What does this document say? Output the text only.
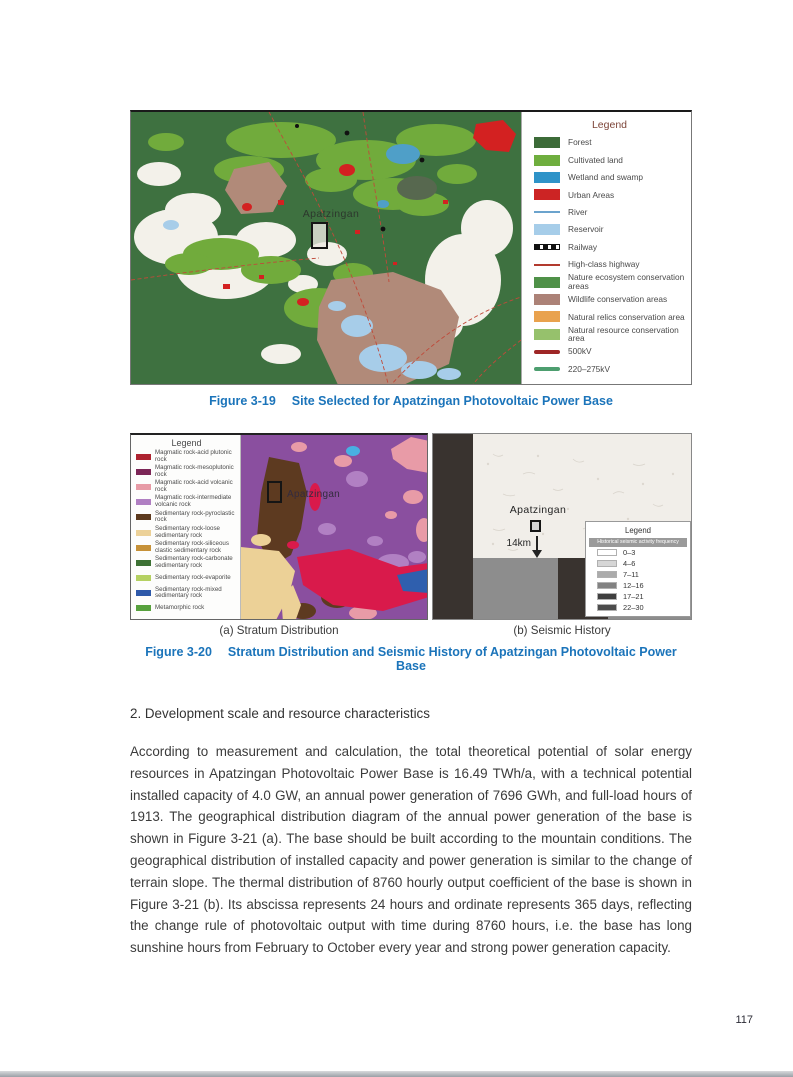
Apatzingan
Legend
Forest
Cultivated land
Wetland and swamp
Urban Areas
River
Reservoir
Railway
High-class highway
Nature ecosystem conservation areas
Wildlife conservation areas
Natural relics conservation area
Natural resource conservation area
500kV
220–275kV
Figure 3-19 Site Selected for Apatzingan Photovoltaic Power Base
Legend
Magmatic rock-acid plutonic rock
Magmatic rock-mesoplutonic rock
Magmatic rock-acid volcanic rock
Magmatic rock-intermediate volcanic rock
Sedimentary rock-pyroclastic rock
Sedimentary rock-loose sedimentary rock
Sedimentary rock-siliceous clastic sedimentary rock
Sedimentary rock-carbonate sedimentary rock
Sedimentary rock-evaporite
Sedimentary rock-mixed sedimentary rock
Metamorphic rock
Apatzingan
Apatzingan
14km
Legend
Historical seismic activity frequency
0–3
4–6
7–11
12–16
17–21
22–30
(a) Stratum Distribution	(b) Seismic History
Figure 3-20 Stratum Distribution and Seismic History of Apatzingan Photovoltaic Power Base
2. Development scale and resource characteristics
According to measurement and calculation, the total theoretical potential of solar energy resources in Apatzingan Photovoltaic Power Base is 16.49 TWh/a, with a technical potential installed capacity of 4.0 GW, an annual power generation of 7696 GWh, and full-load hours of 1913. The geographical distribution diagram of the annual power generation of the base is shown in Figure 3-21 (a). The base should be built according to the mountain conditions. The geographical distribution of installed capacity and power generation is similar to the change of terrain slope. The thermal distribution of 8760 hourly output coefficient of the base is shown in Figure 3-21 (b). Its abscissa represents 24 hours and ordinate represents 365 days, reflecting the change rule of photovoltaic output with time during 8760 hours, i.e. the base has long sunshine hours from February to October every year and strong power generation capacity.
117
